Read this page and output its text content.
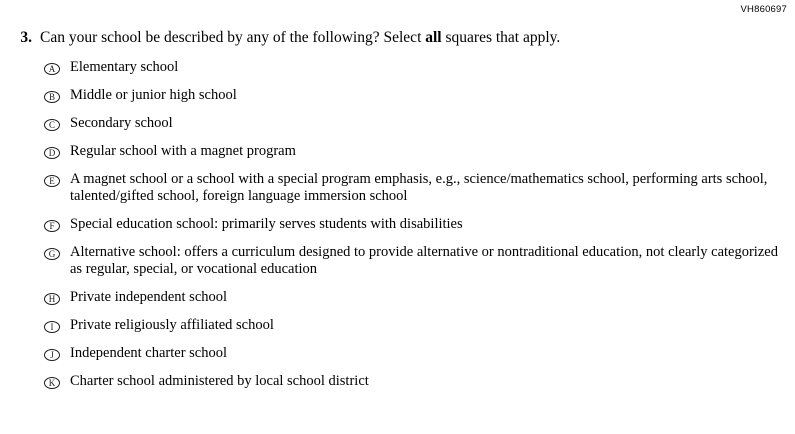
VH860697
3. Can your school be described by any of the following? Select all squares that apply.
A	Elementary school
B	Middle or junior high school
C	Secondary school
D	Regular school with a magnet program
E	A magnet school or a school with a special program emphasis, e.g., science/mathematics school, performing arts school, talented/gifted school, foreign language immersion school
F	Special education school: primarily serves students with disabilities
G	Alternative school: offers a curriculum designed to provide alternative or nontraditional education, not clearly categorized as regular, special, or vocational education
H	Private independent school
I	Private religiously affiliated school
J	Independent charter school
K	Charter school administered by local school district
